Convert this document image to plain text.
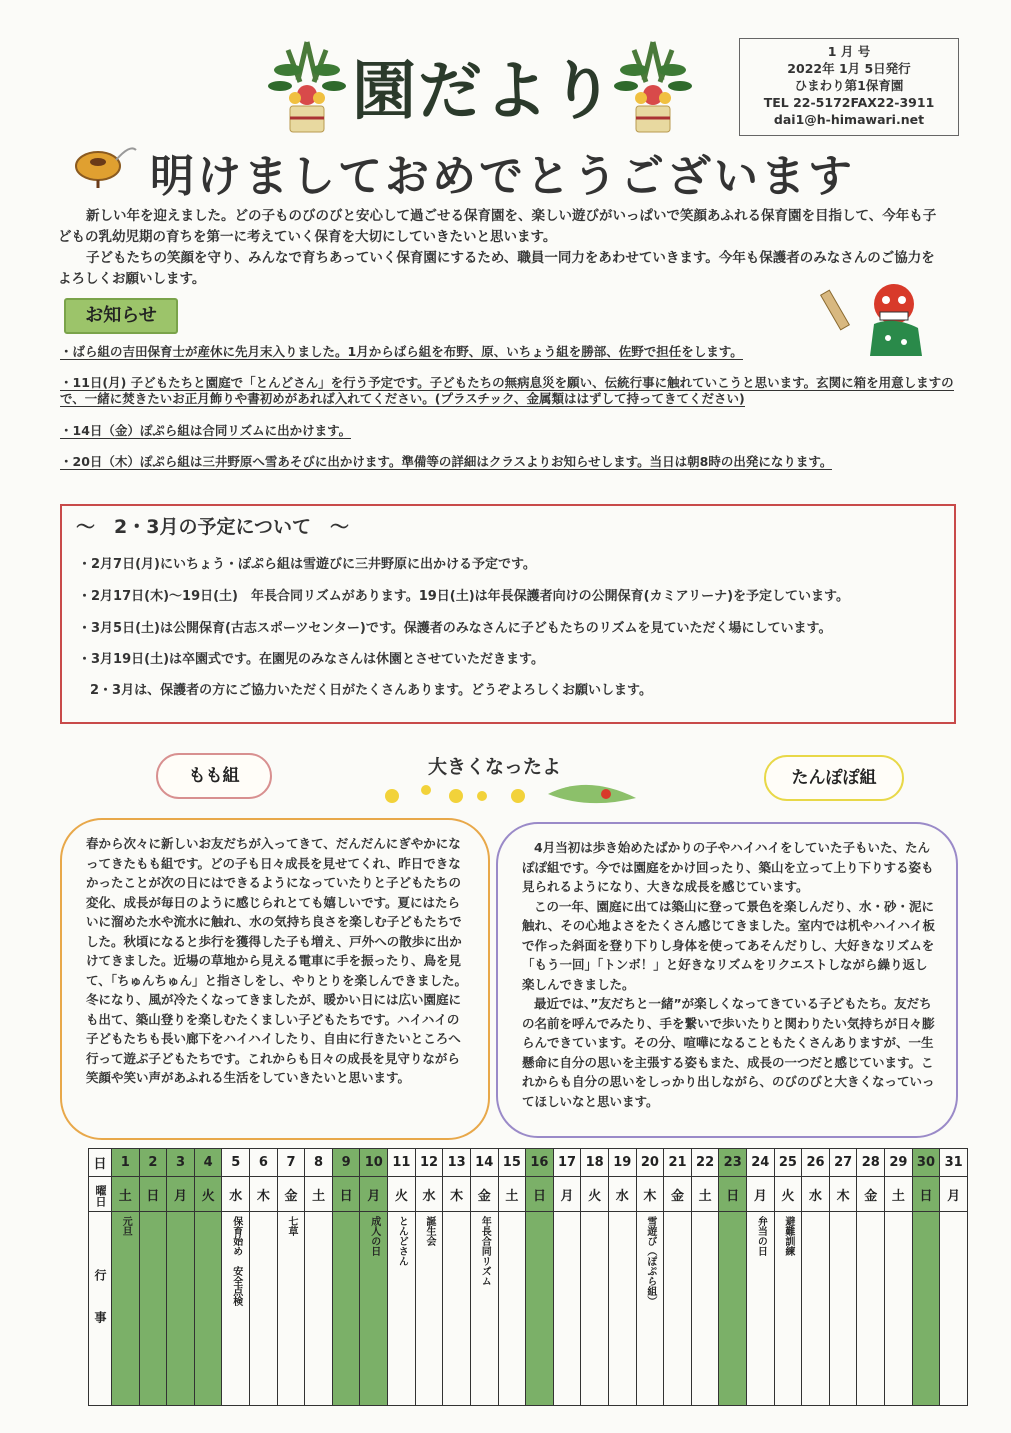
園だより
1 月 号
2022年 1月 5日発行
ひまわり第1保育園
TEL 22-5172FAX22-3911
dai1@h-himawari.net
明けましておめでとうございます

新しい年を迎えました。どの子ものびのびと安心して過ごせる保育園を、楽しい遊びがいっぱいで笑顔あふれる保育園を目指して、今年も子どもの乳幼児期の育ちを第一に考えていく保育を大切にしていきたいと思います。

子どもたちの笑顔を守り、みんなで育ちあっていく保育園にするため、職員一同力をあわせていきます。今年も保護者のみなさんのご協力をよろしくお願いします。

お知らせ
・ばら組の吉田保育士が産休に先月末入りました。1月からばら組を布野、原、いちょう組を勝部、佐野で担任をします。
・11日(月) 子どもたちと園庭で「とんどさん」を行う予定です。子どもたちの無病息災を願い、伝統行事に触れていこうと思います。玄関に箱を用意しますので、一緒に焚きたいお正月飾りや書初めがあれば入れてください。(プラスチック、金属類ははずして持ってきてください)
・14日（金）ぽぷら組は合同リズムに出かけます。
・20日（木）ぽぷら組は三井野原へ雪あそびに出かけます。準備等の詳細はクラスよりお知らせします。当日は朝8時の出発になります。
～　2・3月の予定について　～
・2月7日(月)にいちょう・ぽぷら組は雪遊びに三井野原に出かける予定です。
・2月17日(木)～19日(土)　年長合同リズムがあります。19日(土)は年長保護者向けの公開保育(カミアリーナ)を予定しています。
・3月5日(土)は公開保育(古志スポーツセンター)です。保護者のみなさんに子どもたちのリズムを見ていただく場にしています。
・3月19日(土)は卒園式です。在園児のみなさんは休園とさせていただきます。
2・3月は、保護者の方にご協力いただく日がたくさんあります。どうぞよろしくお願いします。
もも組	大きくなったよ	たんぽぽ組

春から次々に新しいお友だちが入ってきて、だんだんにぎやかになってきたもも組です。どの子も日々成長を見せてくれ、昨日できなかったことが次の日にはできるようになっていたりと子どもたちの変化、成長が毎日のように感じられとても嬉しいです。夏にはたらいに溜めた水や流水に触れ、水の気持ち良さを楽しむ子どもたちでした。秋頃になると歩行を獲得した子も増え、戸外への散歩に出かけてきました。近場の草地から見える電車に手を振ったり、鳥を見て、「ちゅんちゅん」と指さしをし、やりとりを楽しんできました。冬になり、風が冷たくなってきましたが、暖かい日には広い園庭にも出て、築山登りを楽しむたくましい子どもたちです。ハイハイの子どもたちも長い廊下をハイハイしたり、自由に行きたいところへ行って遊ぶ子どもたちです。これからも日々の成長を見守りながら笑顔や笑い声があふれる生活をしていきたいと思います。

4月当初は歩き始めたばかりの子やハイハイをしていた子もいた、たんぽぽ組です。今では園庭をかけ回ったり、築山を立って上り下りする姿も見られるようになり、大きな成長を感じています。

この一年、園庭に出ては築山に登って景色を楽しんだり、水・砂・泥に触れ、その心地よさをたくさん感じてきました。室内では机やハイハイ板で作った斜面を登り下りし身体を使ってあそんだりし、大好きなリズムを「もう一回」「トンボ！」と好きなリズムをリクエストしながら繰り返し楽しんできました。

最近では、”友だちと一緒”が楽しくなってきている子どもたち。友だちの名前を呼んでみたり、手を繋いで歩いたりと関わりたい気持ちが日々膨らんできています。その分、喧嘩になることもたくさんありますが、一生懸命に自分の思いを主張する姿もまた、成長の一つだと感じています。これからも自分の思いをしっかり出しながら、のびのびと大きくなっていってほしいなと思います。

日	1	2	3	4	5	6	7	8	9	10	11	12	13	14	15	16	17	18	19	20	21	22	23	24	25	26	27	28	29	30	31

曜日	土	日	月	火	水	木	金	土	日	月	火	水	木	金	土	日	月	火	水	木	金	土	日	月	火	水	木	金	土	日	月

行事	元旦				保育始め　安全点検		七草			成人の日	とんどさん	誕生会		年長合同リズム						雪遊び（ぽぷら組）				弁当の日	避難訓練						
